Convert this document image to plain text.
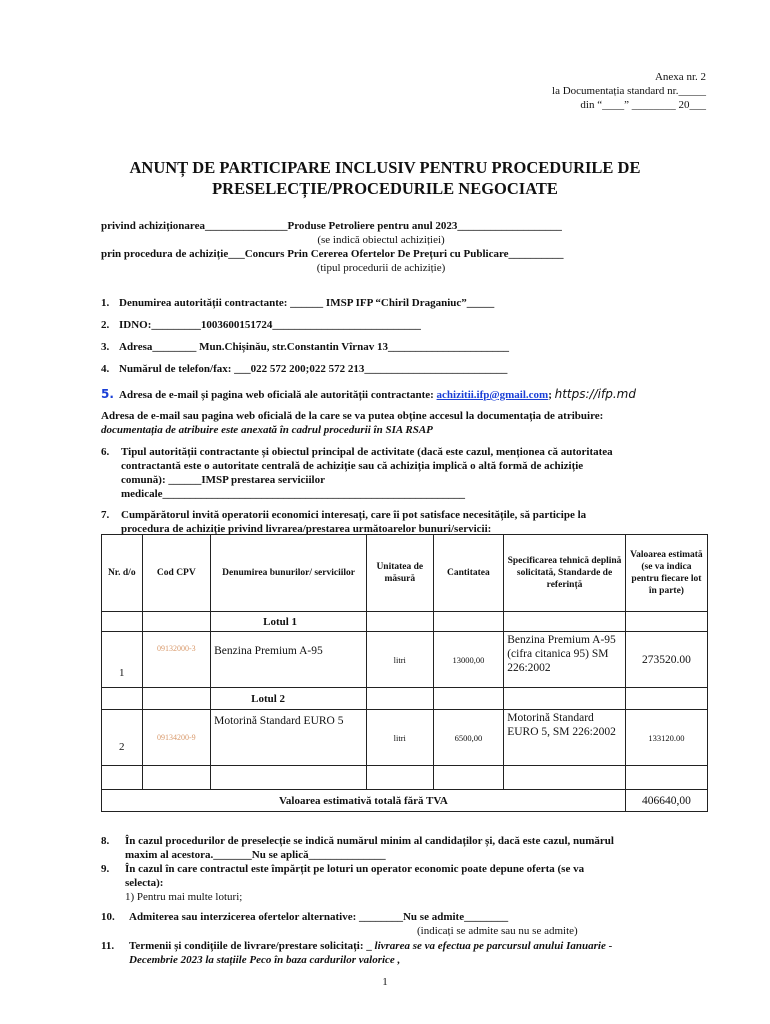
Anexa nr. 2
la Documentația standard nr._____
din “____” ________ 20___
ANUNȚ DE PARTICIPARE INCLUSIV PENTRU PROCEDURILE DE
PRESELECȚIE/PROCEDURILE NEGOCIATE
privind achiziționarea_______________Produse Petroliere pentru anul 2023___________________
(se indică obiectul achiziției)
prin procedura de achiziție___Concurs Prin Cererea Ofertelor De Prețuri cu Publicare__________
(tipul procedurii de achiziție)
1. Denumirea autorității contractante: ______ IMSP IFP “Chiril Draganiuc”_____
2. IDNO:_________1003600151724___________________________
3. Adresa________ Mun.Chișinău, str.Constantin Vîrnav 13______________________
4. Numărul de telefon/fax: ___022 572 200;022 572 213__________________________
5. Adresa de e-mail și pagina web oficială ale autorității contractante: achizitii.ifp@gmail.com; https://ifp.md
Adresa de e-mail sau pagina web oficială de la care se va putea obține accesul la documentația de atribuire:
documentația de atribuire este anexată în cadrul procedurii în SIA RSAP
6. Tipul autorității contractante și obiectul principal de activitate (dacă este cazul, menționea că autoritatea
contractantă este o autoritate centrală de achiziție sau că achiziția implică o altă formă de achiziție
comună): ______IMSP prestarea serviciilor
medicale_______________________________________________________
7. Cumpărătorul invită operatorii economici interesați, care îi pot satisface necesitățile, să participe la
procedura de achiziție privind livrarea/prestarea următoarelor bunuri/servicii:
Nr. d/o	Cod CPV	Denumirea bunurilor/ serviciilor	Unitatea de măsură	Cantitatea	Specificarea tehnică deplină solicitată, Standarde de referință	Valoarea estimată (se va indica pentru fiecare lot în parte)
		Lotul 1				
1	09132000-3	Benzina Premium A-95	litri	13000,00	Benzina Premium A-95 (cifra citanica 95) SM 226:2002	273520.00
		Lotul 2				
2	09134200-9	Motorină Standard EURO 5	litri	6500,00	Motorină Standard EURO 5, SM 226:2002	133120.00

Valoarea estimativă totală fără TVA						406640,00
8. În cazul procedurilor de preselecție se indică numărul minim al candidaților și, dacă este cazul, numărul
maxim al acestora._______Nu se aplică______________
9. În cazul în care contractul este împărțit pe loturi un operator economic poate depune oferta (se va
selecta):
1) Pentru mai multe loturi;
10. Admiterea sau interzicerea ofertelor alternative: ________Nu se admite________
(indicați se admite sau nu se admite)
11. Termenii și condițiile de livrare/prestare solicitați: _ livrarea se va efectua pe parcursul anului Ianuarie -
Decembrie 2023 la stațiile Peco în baza cardurilor valorice ,
1
